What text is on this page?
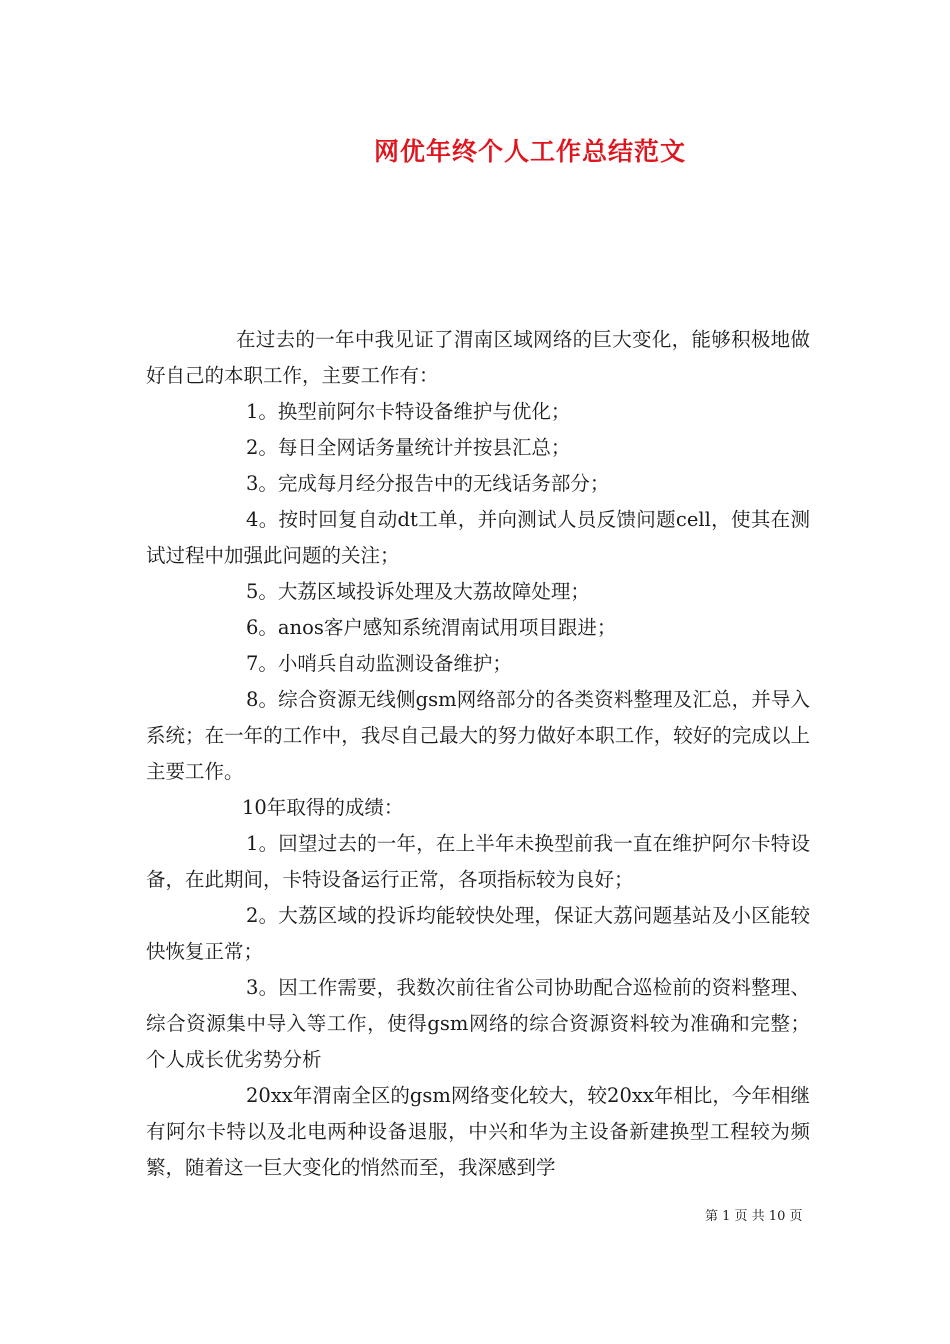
网优年终个人工作总结范文

在过去的一年中我见证了渭南区域网络的巨大变化，能够积极地做好自己的本职工作，主要工作有：

1。换型前阿尔卡特设备维护与优化；

2。每日全网话务量统计并按县汇总；

3。完成每月经分报告中的无线话务部分；

4。按时回复自动dt工单，并向测试人员反馈问题cell，使其在测试过程中加强此问题的关注；

5。大荔区域投诉处理及大荔故障处理；

6。anos客户感知系统渭南试用项目跟进；

7。小哨兵自动监测设备维护；

8。综合资源无线侧gsm网络部分的各类资料整理及汇总，并导入系统；在一年的工作中，我尽自己最大的努力做好本职工作，较好的完成以上主要工作。

10年取得的成绩：

1。回望过去的一年，在上半年未换型前我一直在维护阿尔卡特设备，在此期间，卡特设备运行正常，各项指标较为良好；

2。大荔区域的投诉均能较快处理，保证大荔问题基站及小区能较快恢复正常；

3。因工作需要，我数次前往省公司协助配合巡检前的资料整理、综合资源集中导入等工作，使得gsm网络的综合资源资料较为准确和完整；个人成长优劣势分析

20xx年渭南全区的gsm网络变化较大，较20xx年相比，今年相继有阿尔卡特以及北电两种设备退服，中兴和华为主设备新建换型工程较为频繁，随着这一巨大变化的悄然而至，我深感到学

第 1 页 共 10 页
